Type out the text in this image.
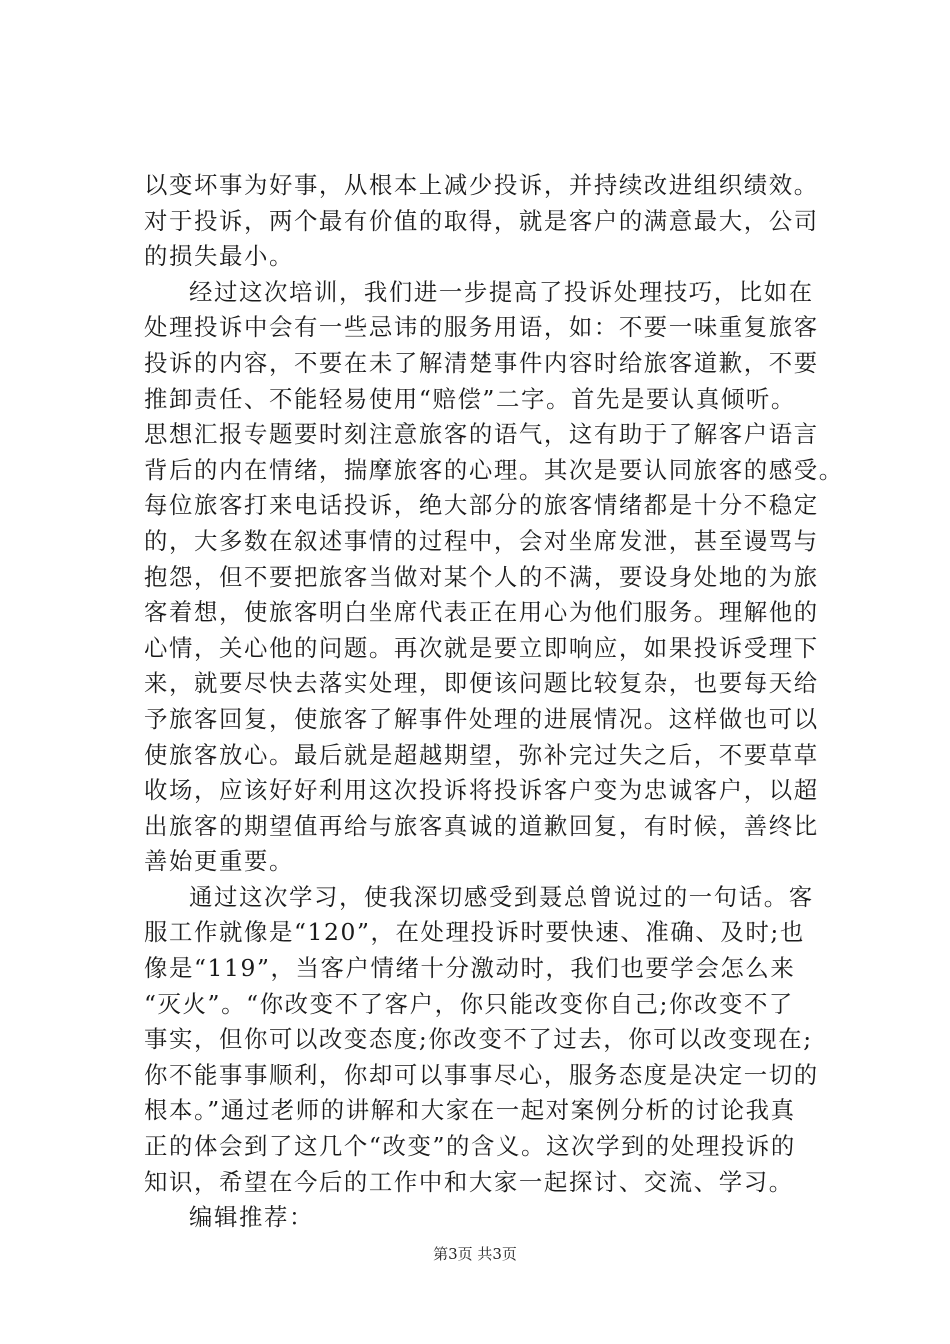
以变坏事为好事，从根本上减少投诉，并持续改进组织绩效。
对于投诉，两个最有价值的取得，就是客户的满意最大，公司
的损失最小。
经过这次培训，我们进一步提高了投诉处理技巧，比如在
处理投诉中会有一些忌讳的服务用语，如：不要一味重复旅客
投诉的内容，不要在未了解清楚事件内容时给旅客道歉，不要
推卸责任、不能轻易使用“赔偿”二字。首先是要认真倾听。
思想汇报专题要时刻注意旅客的语气，这有助于了解客户语言
背后的内在情绪，揣摩旅客的心理。其次是要认同旅客的感受。
每位旅客打来电话投诉，绝大部分的旅客情绪都是十分不稳定
的，大多数在叙述事情的过程中，会对坐席发泄，甚至谩骂与
抱怨，但不要把旅客当做对某个人的不满，要设身处地的为旅
客着想，使旅客明白坐席代表正在用心为他们服务。理解他的
心情，关心他的问题。再次就是要立即响应，如果投诉受理下
来，就要尽快去落实处理，即便该问题比较复杂，也要每天给
予旅客回复，使旅客了解事件处理的进展情况。这样做也可以
使旅客放心。最后就是超越期望，弥补完过失之后，不要草草
收场，应该好好利用这次投诉将投诉客户变为忠诚客户，以超
出旅客的期望值再给与旅客真诚的道歉回复，有时候，善终比
善始更重要。
通过这次学习，使我深切感受到聂总曾说过的一句话。客
服工作就像是“120”，在处理投诉时要快速、准确、及时;也
像是“119”，当客户情绪十分激动时，我们也要学会怎么来
“灭火”。“你改变不了客户，你只能改变你自己;你改变不了
事实，但你可以改变态度;你改变不了过去，你可以改变现在;
你不能事事顺利，你却可以事事尽心，服务态度是决定一切的
根本。”通过老师的讲解和大家在一起对案例分析的讨论我真
正的体会到了这几个“改变”的含义。这次学到的处理投诉的
知识，希望在今后的工作中和大家一起探讨、交流、学习。
编辑推荐：
第3页 共3页
